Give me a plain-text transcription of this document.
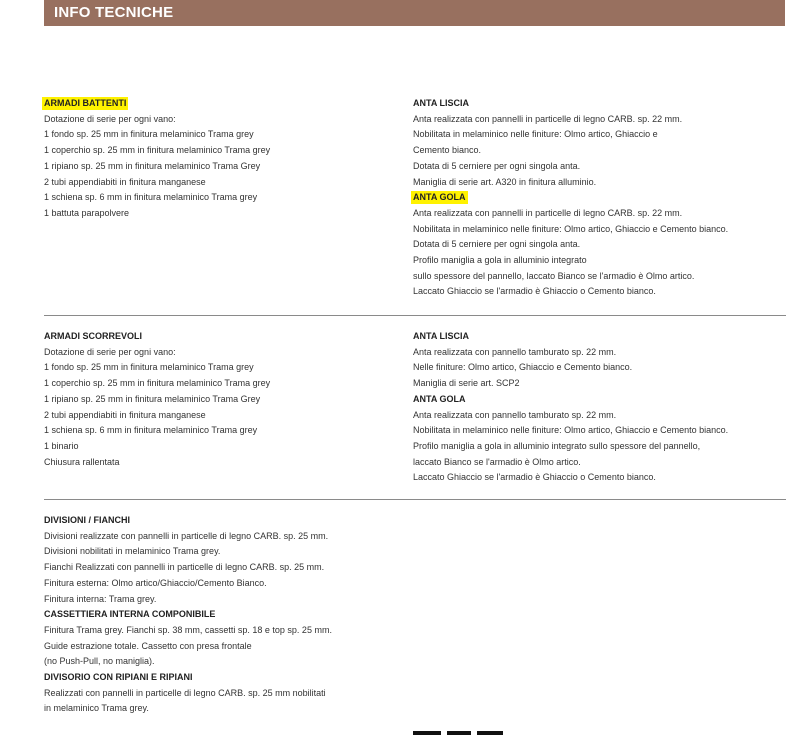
INFO TECNICHE
ARMADI BATTENTI
Dotazione di serie per ogni vano:
1 fondo sp. 25 mm in finitura melaminico Trama grey
1 coperchio sp. 25 mm in finitura melaminico Trama grey
1 ripiano sp. 25 mm in finitura melaminico Trama Grey
2 tubi appendiabiti in finitura manganese
1 schiena sp. 6 mm in finitura melaminico Trama grey
1 battuta parapolvere
ANTA LISCIA
Anta realizzata con pannelli in particelle di legno CARB. sp. 22 mm.
Nobilitata in melaminico nelle finiture: Olmo artico, Ghiaccio e
Cemento bianco.
Dotata di 5 cerniere per ogni singola anta.
Maniglia di serie art. A320 in finitura alluminio.
ANTA GOLA
Anta realizzata con pannelli in particelle di legno CARB. sp. 22 mm.
Nobilitata in melaminico nelle finiture: Olmo artico, Ghiaccio e Cemento bianco.
Dotata di 5 cerniere per ogni singola anta.
Profilo maniglia a gola in alluminio integrato
sullo spessore del pannello, laccato Bianco se l'armadio è Olmo artico.
Laccato Ghiaccio se l'armadio è Ghiaccio o Cemento bianco.
ARMADI SCORREVOLI
Dotazione di serie per ogni vano:
1 fondo sp. 25 mm in finitura melaminico Trama grey
1 coperchio sp. 25 mm in finitura melaminico Trama grey
1 ripiano sp. 25 mm in finitura melaminico Trama Grey
2 tubi appendiabiti in finitura manganese
1 schiena sp. 6 mm in finitura melaminico Trama grey
1 binario
Chiusura rallentata
ANTA LISCIA
Anta realizzata con pannello tamburato sp. 22 mm.
Nelle finiture: Olmo artico, Ghiaccio e Cemento bianco.
Maniglia di serie art. SCP2
ANTA GOLA
Anta realizzata con pannello tamburato sp. 22 mm.
Nobilitata in melaminico nelle finiture: Olmo artico, Ghiaccio e Cemento bianco.
Profilo maniglia a gola in alluminio integrato sullo spessore del pannello,
laccato Bianco se l'armadio è Olmo artico.
Laccato Ghiaccio se l'armadio è Ghiaccio o Cemento bianco.
DIVISIONI / FIANCHI
Divisioni realizzate con pannelli in particelle di legno CARB. sp. 25 mm.
Divisioni nobilitati in melaminico Trama grey.
Fianchi Realizzati con pannelli in particelle di legno CARB. sp. 25 mm.
Finitura esterna: Olmo artico/Ghiaccio/Cemento Bianco.
Finitura interna: Trama grey.
CASSETTIERA INTERNA COMPONIBILE
Finitura Trama grey. Fianchi sp. 38 mm, cassetti sp. 18 e top sp. 25 mm.
Guide estrazione totale. Cassetto con presa frontale
(no Push-Pull, no maniglia).
DIVISORIO CON RIPIANI E RIPIANI
Realizzati con pannelli in particelle di legno CARB. sp. 25 mm nobilitati
in melaminico Trama grey.
